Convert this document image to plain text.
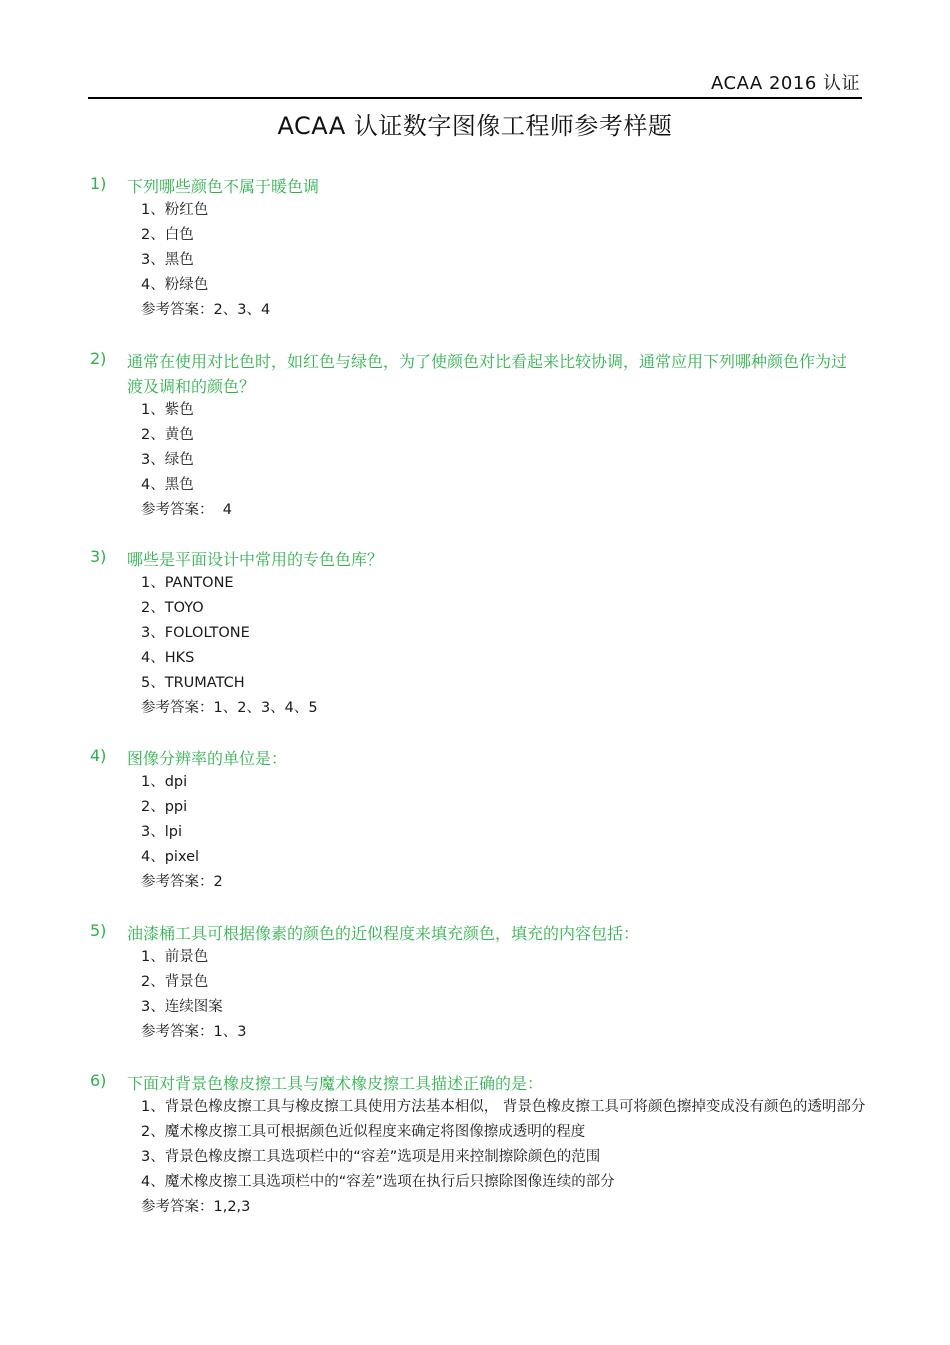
ACAA 2016 认证
ACAA 认证数字图像工程师参考样题
1) 下列哪些颜色不属于暖色调
1、粉红色
2、白色
3、黑色
4、粉绿色
参考答案：2、3、4
2) 通常在使用对比色时，如红色与绿色，为了使颜色对比看起来比较协调，通常应用下列哪种颜色作为过渡及调和的颜色？
1、紫色
2、黄色
3、绿色
4、黑色
参考答案：  4
3) 哪些是平面设计中常用的专色色库？
1、PANTONE
2、TOYO
3、FOLOLTONE
4、HKS
5、TRUMATCH
参考答案：1、2、3、4、5
4) 图像分辨率的单位是：
1、dpi
2、ppi
3、lpi
4、pixel
参考答案：2
5) 油漆桶工具可根据像素的颜色的近似程度来填充颜色，填充的内容包括：
1、前景色
2、背景色
3、连续图案
参考答案：1、3
6) 下面对背景色橡皮擦工具与魔术橡皮擦工具描述正确的是：
1、背景色橡皮擦工具与橡皮擦工具使用方法基本相似， 背景色橡皮擦工具可将颜色擦掉变成没有颜色的透明部分
2、魔术橡皮擦工具可根据颜色近似程度来确定将图像擦成透明的程度
3、背景色橡皮擦工具选项栏中的“容差”选项是用来控制擦除颜色的范围
4、魔术橡皮擦工具选项栏中的“容差”选项在执行后只擦除图像连续的部分
参考答案：1,2,3
